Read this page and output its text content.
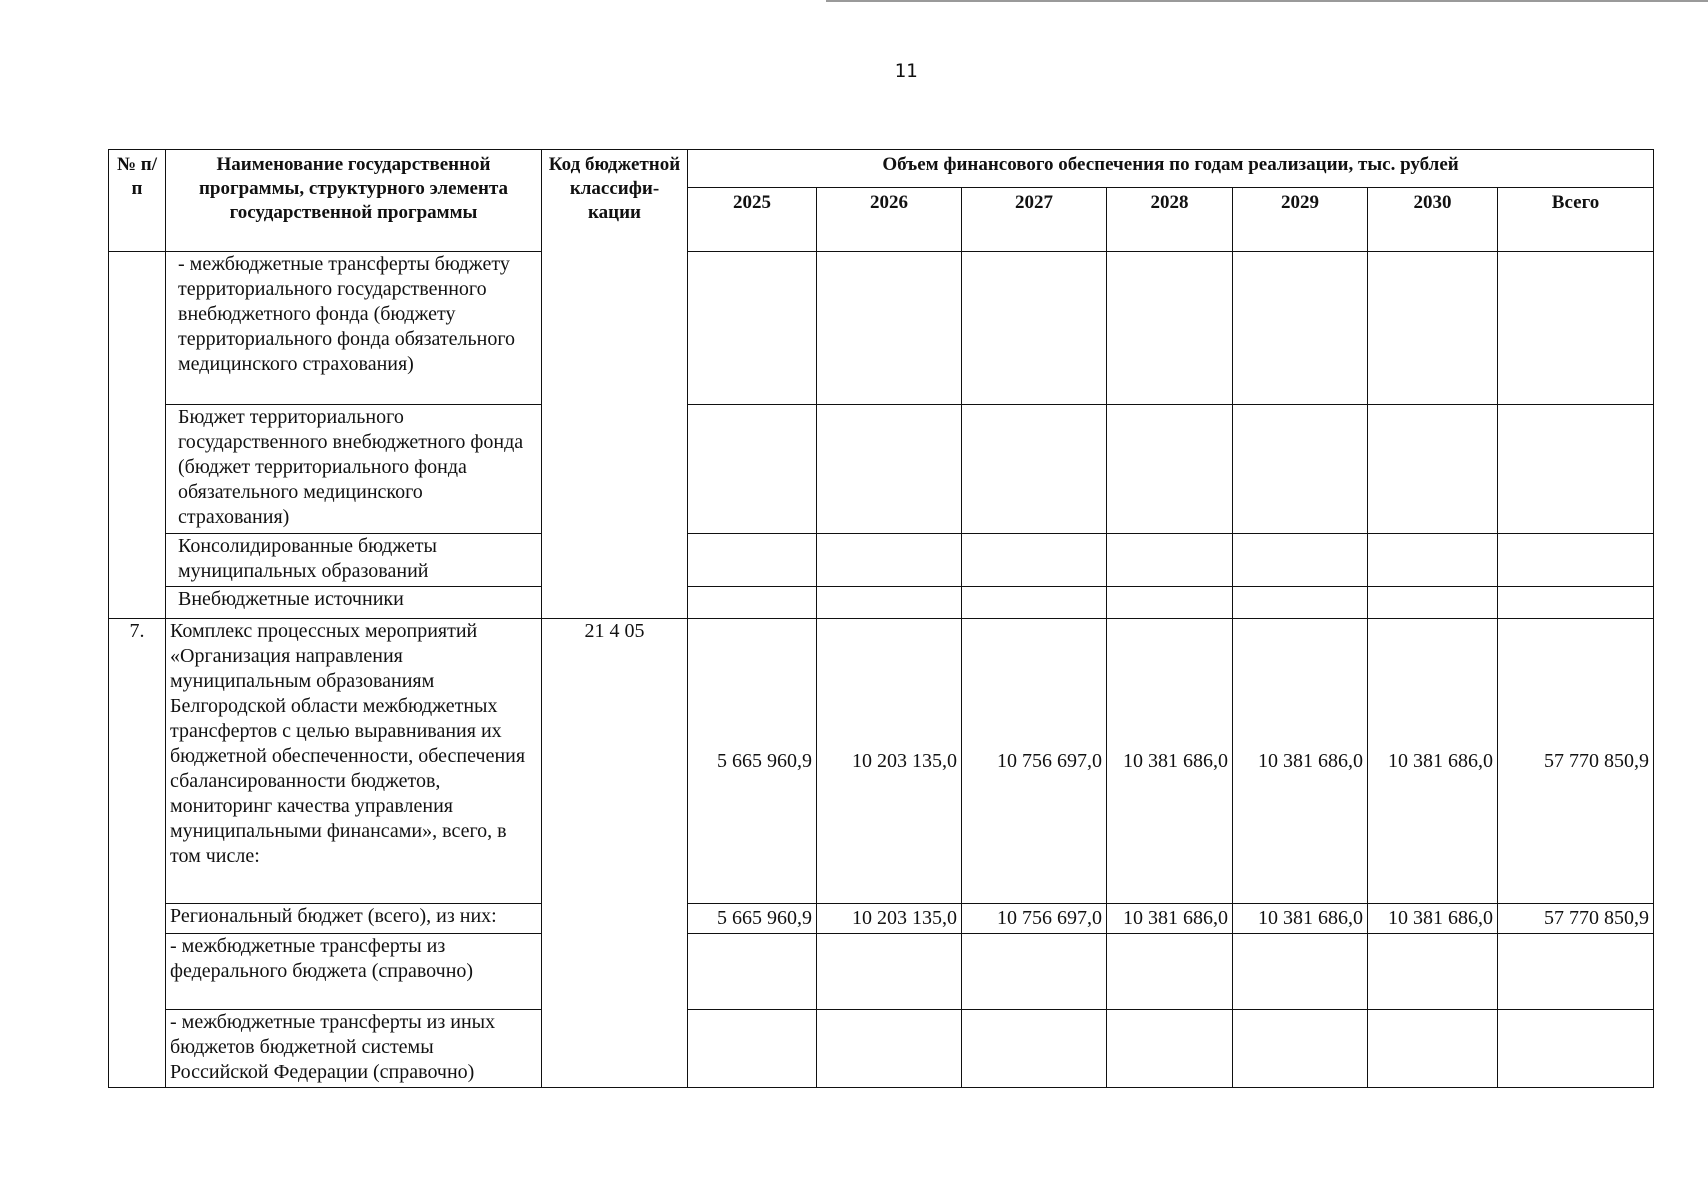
11
№ п/п	Наименование государственной программы, структурного элемента государственной программы	Код бюджетной классифи-кации	Объем финансового обеспечения по годам реализации, тыс. рублей						
			2025	2026	2027	2028	2029	2030	Всего
	- межбюджетные трансферты бюджету территориального государственного внебюджетного фонда (бюджету территориального фонда обязательного медицинского страхования)								
	Бюджет территориального государственного внебюджетного фонда (бюджет территориального фонда обязательного медицинского страхования)								
	Консолидированные бюджеты муниципальных образований								
	Внебюджетные источники								
7.	Комплекс процессных мероприятий «Организация направления муниципальным образованиям Белгородской области межбюджетных трансфертов с целью выравнивания их бюджетной обеспеченности, обеспечения сбалансированности бюджетов, мониторинг качества управления муниципальными финансами», всего, в том числе:	21 4 05	5 665 960,9	10 203 135,0	10 756 697,0	10 381 686,0	10 381 686,0	10 381 686,0	57 770 850,9
	Региональный бюджет (всего), из них:		5 665 960,9	10 203 135,0	10 756 697,0	10 381 686,0	10 381 686,0	10 381 686,0	57 770 850,9
	- межбюджетные трансферты из федерального бюджета (справочно)								
	- межбюджетные трансферты из иных бюджетов бюджетной системы Российской Федерации (справочно)								
